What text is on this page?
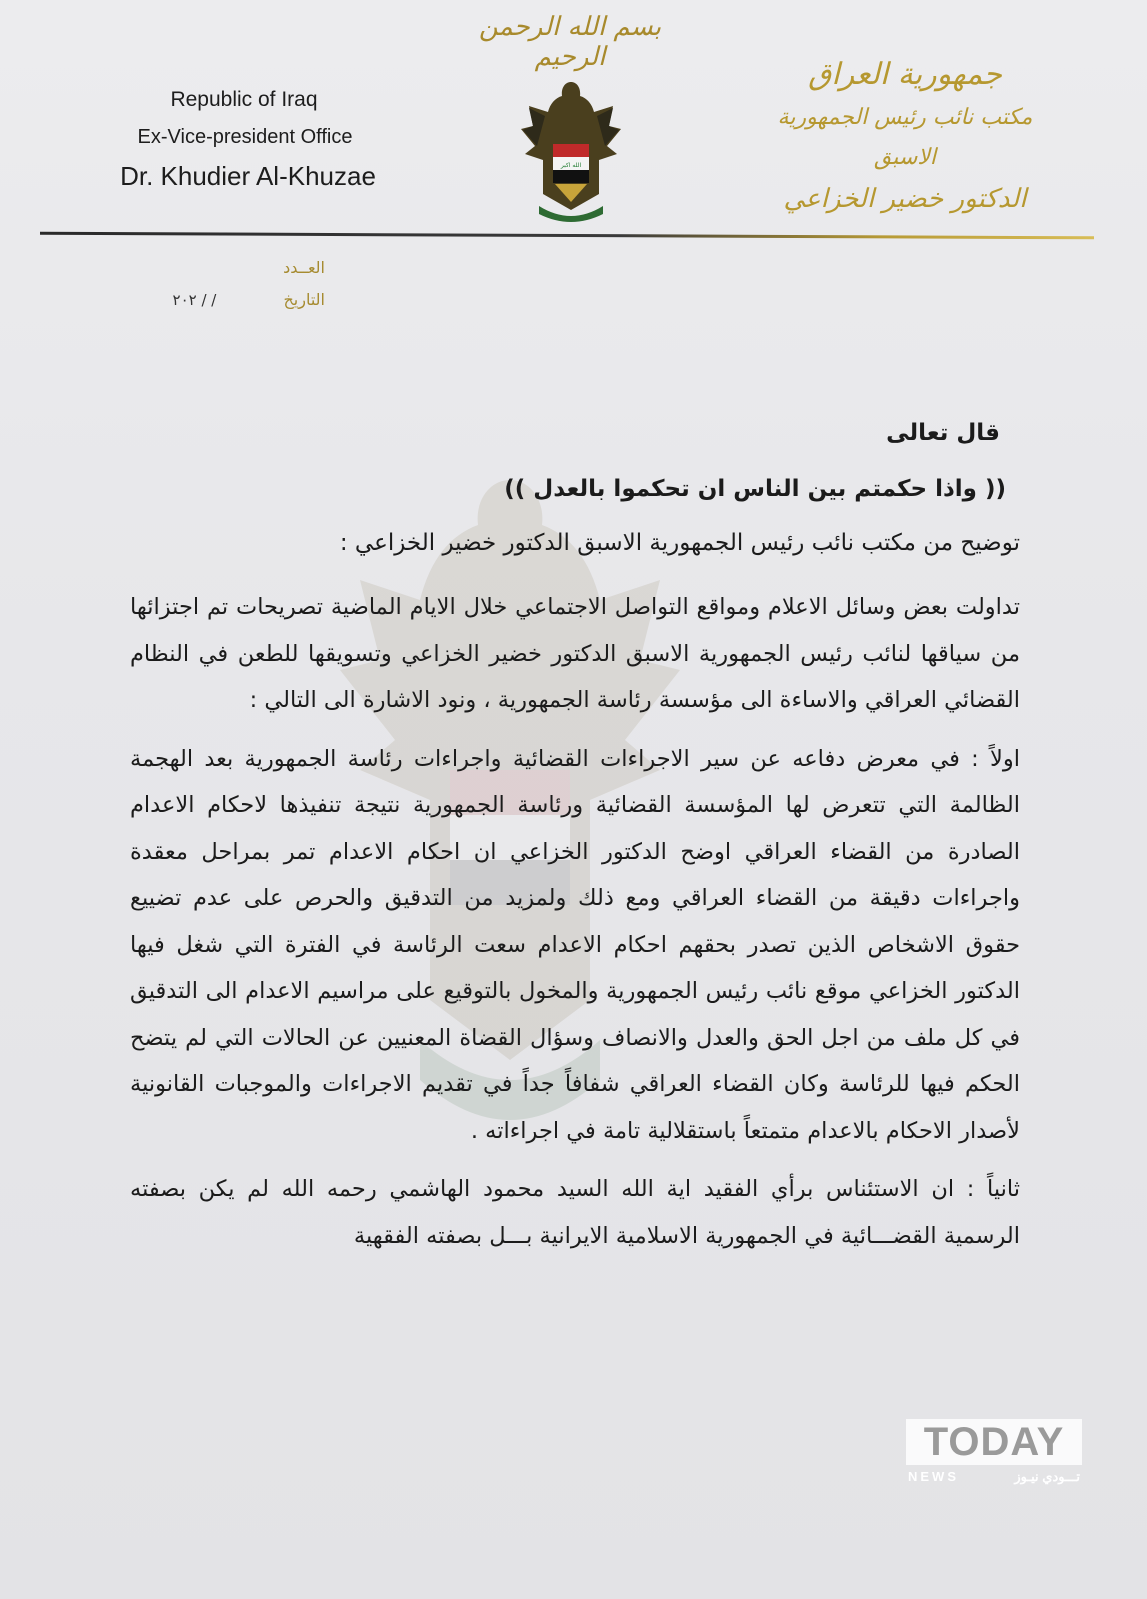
Republic of Iraq
Ex-Vice-president Office
Dr. Khudier Al-Khuzae
بسم الله الرحمن الرحيم
الله اكبر
جمهورية العراق
مكتب نائب رئيس الجمهورية الاسبق
الدكتور خضير الخزاعي
العــدد
التاريخ / / ٢٠٢
قال تعالى
(( واذا حكمتم بين الناس ان تحكموا بالعدل ))
توضيح من مكتب نائب رئيس الجمهورية الاسبق الدكتور خضير الخزاعي :
تداولت بعض وسائل الاعلام ومواقع التواصل الاجتماعي خلال الايام الماضية تصريحات تم اجتزائها من سياقها لنائب رئيس الجمهورية الاسبق الدكتور خضير الخزاعي وتسويقها للطعن في النظام القضائي العراقي والاساءة الى مؤسسة رئاسة الجمهورية ، ونود الاشارة الى التالي :
اولاً : في معرض دفاعه عن سير الاجراءات القضائية واجراءات رئاسة الجمهورية بعد الهجمة الظالمة التي تتعرض لها المؤسسة القضائية ورئاسة الجمهورية نتيجة تنفيذها لاحكام الاعدام الصادرة من القضاء العراقي اوضح الدكتور الخزاعي ان احكام الاعدام تمر بمراحل معقدة واجراءات دقيقة من القضاء العراقي ومع ذلك ولمزيد من التدقيق والحرص على عدم تضييع حقوق الاشخاص الذين تصدر بحقهم احكام الاعدام سعت الرئاسة في الفترة التي شغل فيها الدكتور الخزاعي موقع نائب رئيس الجمهورية والمخول بالتوقيع على مراسيم الاعدام الى التدقيق في كل ملف من اجل الحق والعدل والانصاف وسؤال القضاة المعنيين عن الحالات التي لم يتضح الحكم فيها للرئاسة وكان القضاء العراقي شفافاً جداً في تقديم الاجراءات والموجبات القانونية لأصدار الاحكام بالاعدام متمتعاً باستقلالية تامة في اجراءاته .
ثانياً : ان الاستئناس برأي الفقيد اية الله السيد محمود الهاشمي رحمه الله لم يكن بصفته الرسمية القضـــائية في الجمهورية الاسلامية الايرانية بـــل بصفته الفقهية
TODAY
NEWS	تـــودي نيـوز
